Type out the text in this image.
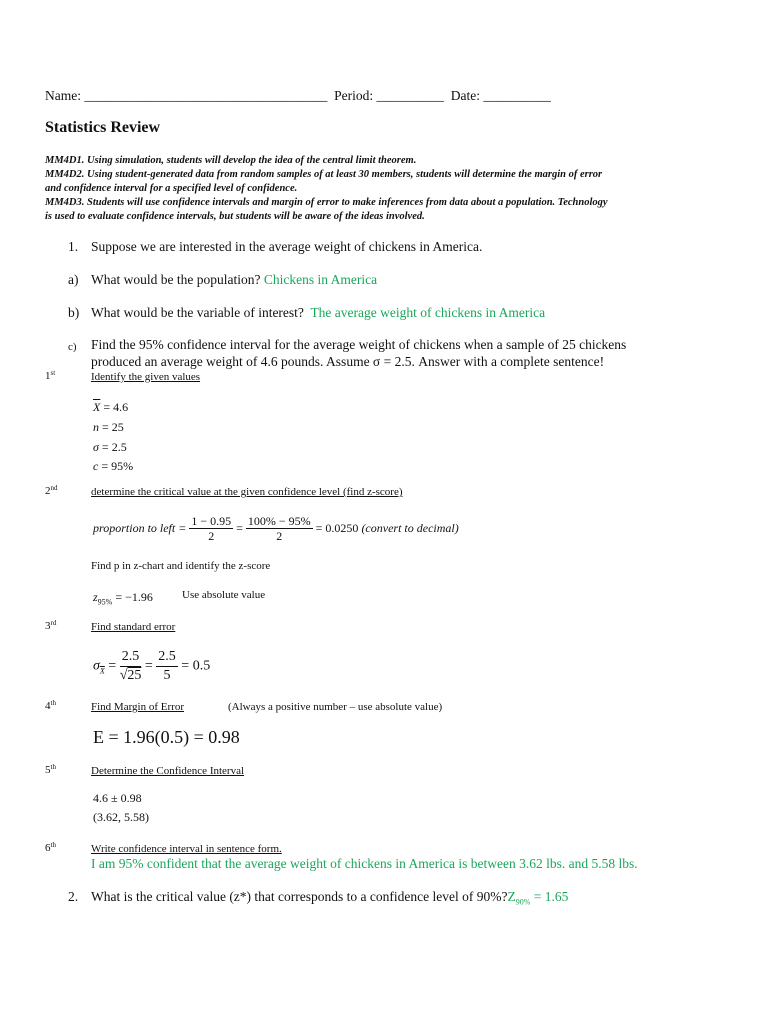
Name: ____________________________________ Period: __________ Date: __________
Statistics Review
MM4D1. Using simulation, students will develop the idea of the central limit theorem.
MM4D2. Using student-generated data from random samples of at least 30 members, students will determine the margin of error
and confidence interval for a specified level of confidence.
MM4D3. Students will use confidence intervals and margin of error to make inferences from data about a population. Technology
is used to evaluate confidence intervals, but students will be aware of the ideas involved.
1. Suppose we are interested in the average weight of chickens in America.
a) What would be the population? Chickens in America
b) What would be the variable of interest? The average weight of chickens in America
c) Find the 95% confidence interval for the average weight of chickens when a sample of 25 chickens
produced an average weight of 4.6 pounds. Assume σ = 2.5. Answer with a complete sentence!
1st	Identify the given values
$\overline{X} = 4.6$
n = 25
σ = 2.5
c = 95%
2nd	determine the critical value at the given confidence level (find z-score)
proportion to left = $\frac{1 - 0.95}{2} = \frac{100\% - 95\%}{2} = 0.0250$ (convert to decimal)
Find p in z-chart and identify the z-score
$z_{95\%} = -1.96$	Use absolute value
3rd	Find standard error
$\sigma_{\overline{X}} = \frac{2.5}{√25} = \frac{2.5}{5} = 0.5$
4th	Find Margin of Error	(Always a positive number – use absolute value)
E = 1.96(0.5) = 0.98
5th	Determine the Confidence Interval
4.6 ± 0.98
(3.62, 5.58)
6th	Write confidence interval in sentence form.
I am 95% confident that the average weight of chickens in America is between 3.62 lbs. and 5.58 lbs.
2. What is the critical value (z*) that corresponds to a confidence level of $90\%?Z_{90\%} = 1.65$
